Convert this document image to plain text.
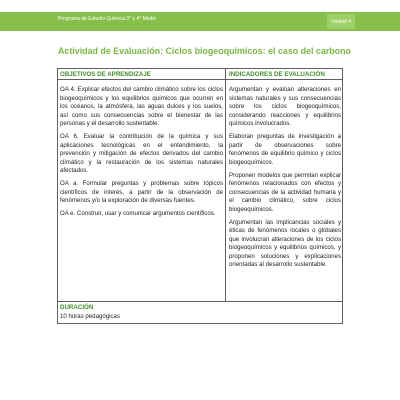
Programa de Estudio Química 3° y 4° Medio	Unidad 4
Actividad de Evaluación: Ciclos biogeoquímicos: el caso del carbono
OBJETIVOS DE APRENDIZAJE	INDICADORES DE EVALUACIÓN

OA 4. Explicar efectos del cambio climático sobre los ciclos biogeoquímicos y los equilibrios químicos que ocurren en los océanos, la atmósfera, las aguas dulces y los suelos, así como sus consecuencias sobre el bienestar de las personas y el desarrollo sustentable.

OA 6. Evaluar la contribución de la química y sus aplicaciones tecnológicas en el entendimiento, la prevención y mitigación de efectos derivados del cambio climático y la restauración de los sistemas naturales afectados.

OA a. Formular preguntas y problemas sobre tópicos científicos de interés, a partir de la observación de fenómenos y/o la exploración de diversas fuentes.

OA e. Construir, usar y comunicar argumentos científicos.

Argumentan y evalúan alteraciones en sistemas naturales y sus consecuencias sobre los ciclos biogeoquímicos, considerando reacciones y equilibrios químicos involucrados.

Elaboran preguntas de investigación a partir de observaciones sobre fenómenos de equilibrio químico y ciclos biogeoquímicos.

Proponen modelos que permitan explicar fenómenos relacionados con efectos y consecuencias de la actividad humana y el cambio climático, sobre ciclos biogeoquímicos.

Argumentan las implicancias sociales y éticas de fenómenos locales o globales que involucran alteraciones de los ciclos biogeoquímicos y equilibrios químicos, y proponen soluciones y explicaciones orientadas al desarrollo sustentable.

DURACIÓN
10 horas pedagógicas
